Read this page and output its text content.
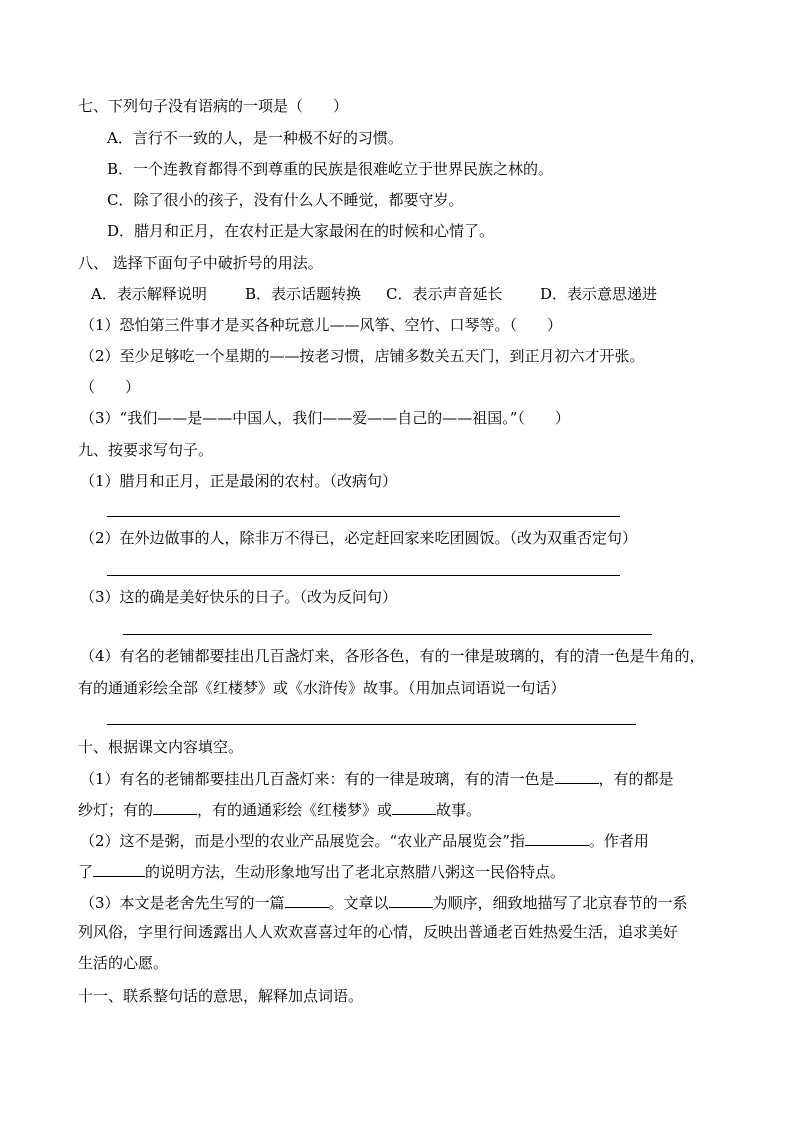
七、下列句子没有语病的一项是（　　）
A．言行不一致的人，是一种极不好的习惯。
B．一个连教育都得不到尊重的民族是很难屹立于世界民族之林的。
C．除了很小的孩子，没有什么人不睡觉，都要守岁。
D．腊月和正月，在农村正是大家最闲在的时候和心情了。
八、 选择下面句子中破折号的用法。
A．表示解释说明	B．表示话题转换 C．表示声音延长	D．表示意思递进
（1）恐怕第三件事才是买各种玩意儿——风筝、空竹、口琴等。（　　）
（2）至少足够吃一个星期的——按老习惯，店铺多数关五天门，到正月初六才开张。
（　　）
（3）“我们——是——中国人，我们——爱——自己的——祖国。”（　　）
九、按要求写句子。
（1）腊月和正月，正是最闲的农村。（改病句）
（2）在外边做事的人，除非万不得已，必定赶回家来吃团圆饭。（改为双重否定句）
（3）这的确是美好快乐的日子。（改为反问句）
（4）有名的老铺都要挂出几百盏灯来，各形各色，有的一律是玻璃的，有的清一色是牛角的，
有的通通彩绘全部《红楼梦》或《水浒传》故事。（用加点词语说一句话）
十、根据课文内容填空。
（1）有名的老铺都要挂出几百盏灯来：有的一律是玻璃，有的清一色是	，有的都是
纱灯；有的	，有的通通彩绘《红楼梦》或	故事。
（2）这不是粥，而是小型的农业产品展览会。“农业产品展览会”指	。作者用
了	的说明方法，生动形象地写出了老北京熬腊八粥这一民俗特点。
（3）本文是老舍先生写的一篇	。文章以	为顺序，细致地描写了北京春节的一系
列风俗，字里行间透露出人人欢欢喜喜过年的心情，反映出普通老百姓热爱生活，追求美好
生活的心愿。
十一、联系整句话的意思，解释加点词语。
